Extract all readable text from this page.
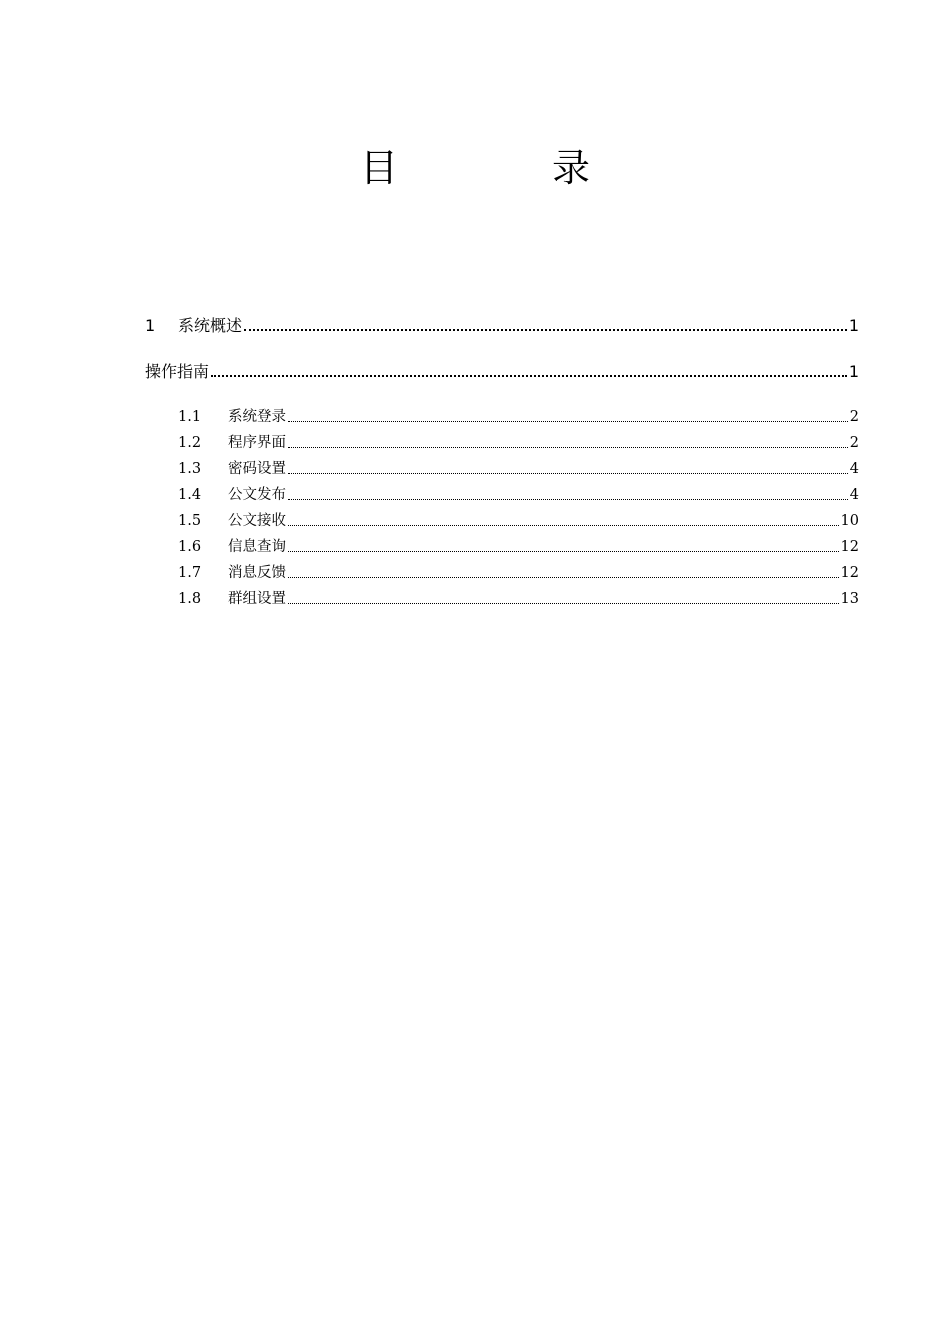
目　录
1	系统概述	1
操作指南	1
1.1	系统登录	2
1.2	程序界面	2
1.3	密码设置	4
1.4	公文发布	4
1.5	公文接收	10
1.6	信息查询	12
1.7	消息反馈	12
1.8	群组设置	13
